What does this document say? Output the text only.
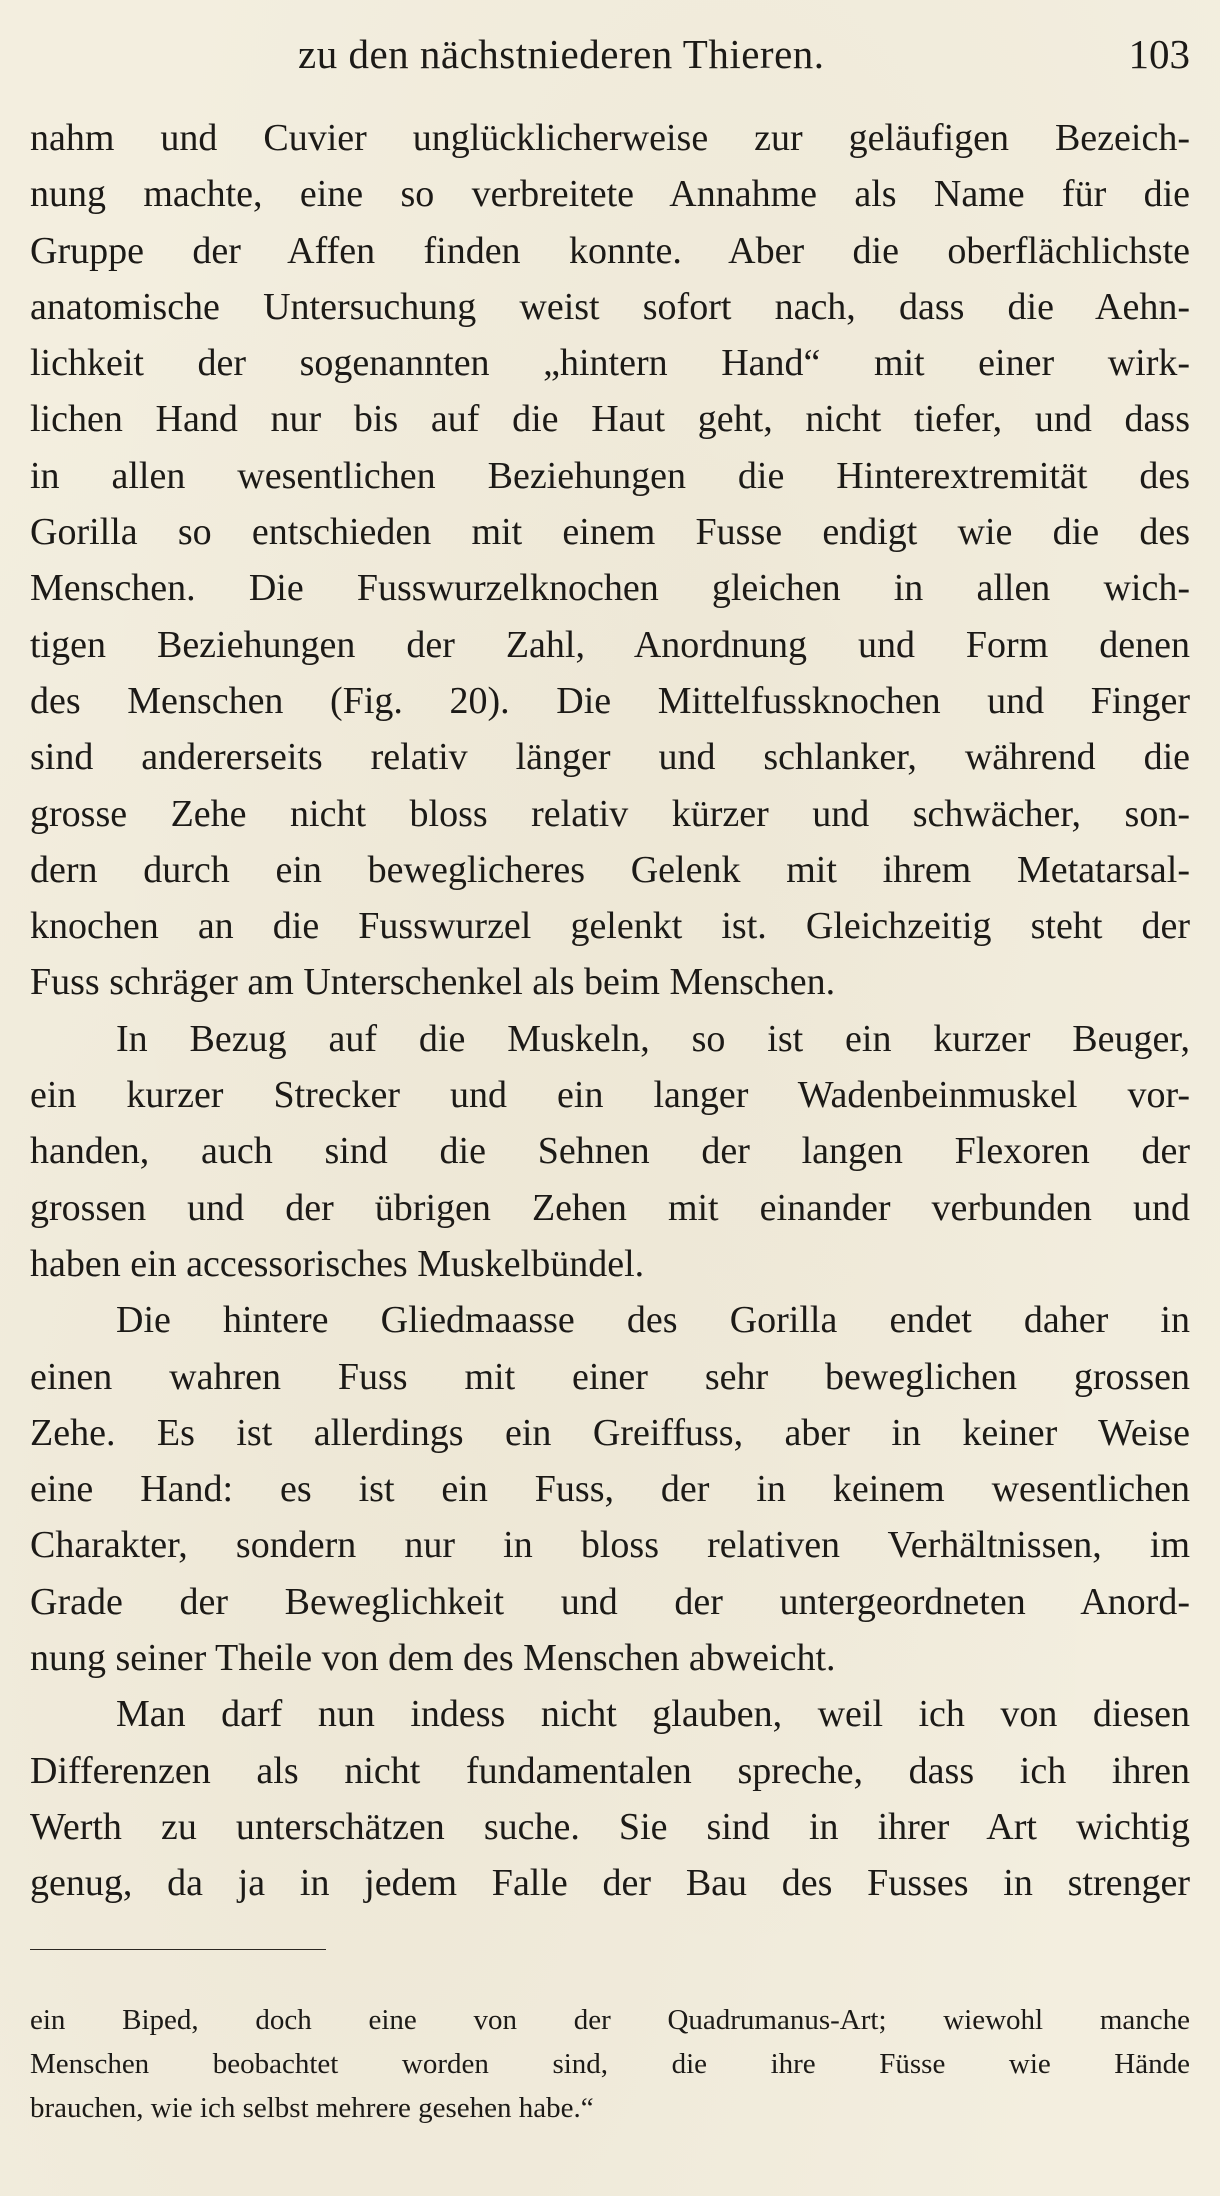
zu den nächstniederen Thieren.	103

nahm und Cuvier unglücklicherweise zur geläufigen Bezeich-
nung machte, eine so verbreitete Annahme als Name für die
Gruppe der Affen finden konnte. Aber die oberflächlichste
anatomische Untersuchung weist sofort nach, dass die Aehn-
lichkeit der sogenannten „hintern Hand“ mit einer wirk-
lichen Hand nur bis auf die Haut geht, nicht tiefer, und dass
in allen wesentlichen Beziehungen die Hinterextremität des
Gorilla so entschieden mit einem Fusse endigt wie die des
Menschen. Die Fusswurzelknochen gleichen in allen wich-
tigen Beziehungen der Zahl, Anordnung und Form denen
des Menschen (Fig. 20). Die Mittelfussknochen und Finger
sind andererseits relativ länger und schlanker, während die
grosse Zehe nicht bloss relativ kürzer und schwächer, son-
dern durch ein beweglicheres Gelenk mit ihrem Metatarsal-
knochen an die Fusswurzel gelenkt ist. Gleichzeitig steht der
Fuss schräger am Unterschenkel als beim Menschen.

In Bezug auf die Muskeln, so ist ein kurzer Beuger,
ein kurzer Strecker und ein langer Wadenbeinmuskel vor-
handen, auch sind die Sehnen der langen Flexoren der
grossen und der übrigen Zehen mit einander verbunden und
haben ein accessorisches Muskelbündel.

Die hintere Gliedmaasse des Gorilla endet daher in
einen wahren Fuss mit einer sehr beweglichen grossen
Zehe. Es ist allerdings ein Greiffuss, aber in keiner Weise
eine Hand: es ist ein Fuss, der in keinem wesentlichen
Charakter, sondern nur in bloss relativen Verhältnissen, im
Grade der Beweglichkeit und der untergeordneten Anord-
nung seiner Theile von dem des Menschen abweicht.

Man darf nun indess nicht glauben, weil ich von diesen
Differenzen als nicht fundamentalen spreche, dass ich ihren
Werth zu unterschätzen suche. Sie sind in ihrer Art wichtig
genug, da ja in jedem Falle der Bau des Fusses in strenger

ein Biped, doch eine von der Quadrumanus-Art; wiewohl manche
Menschen beobachtet worden sind, die ihre Füsse wie Hände
brauchen, wie ich selbst mehrere gesehen habe.“
